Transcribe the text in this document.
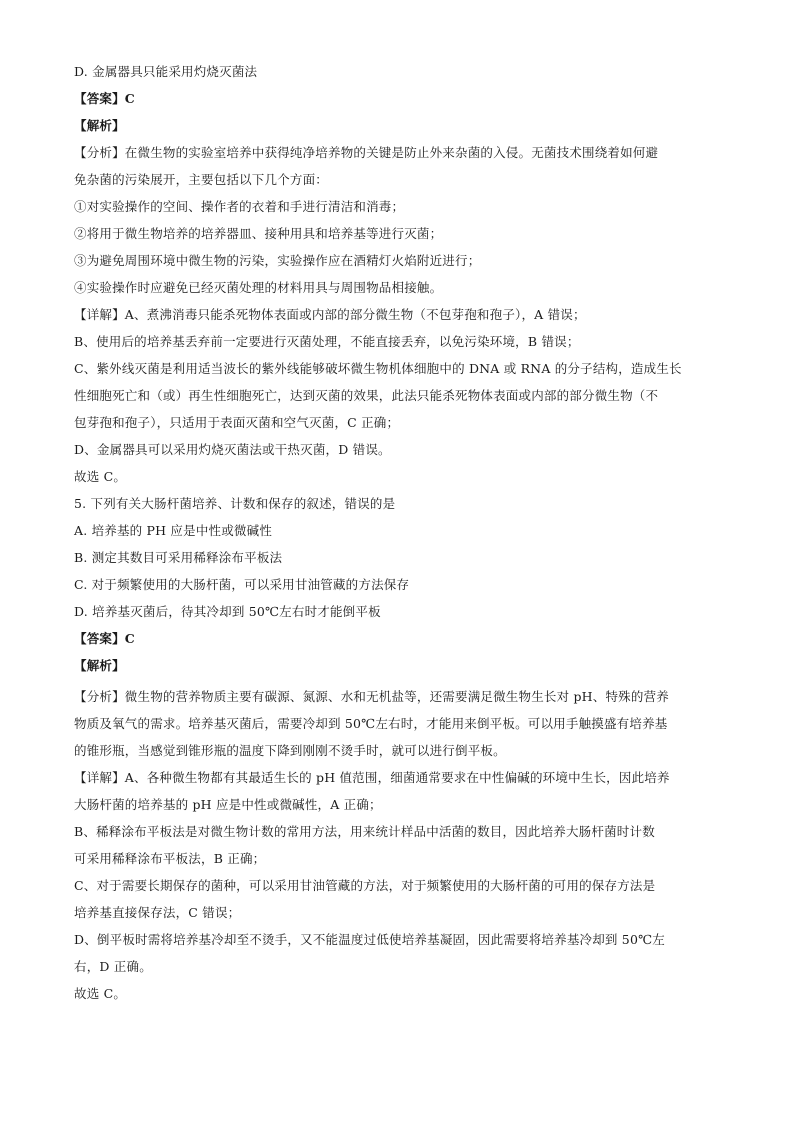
D. 金属器具只能采用灼烧灭菌法
【答案】C
【解析】
【分析】在微生物的实验室培养中获得纯净培养物的关键是防止外来杂菌的入侵。无菌技术围绕着如何避
免杂菌的污染展开，主要包括以下几个方面：
①对实验操作的空间、操作者的衣着和手进行清洁和消毒；
②将用于微生物培养的培养器皿、接种用具和培养基等进行灭菌；
③为避免周围环境中微生物的污染，实验操作应在酒精灯火焰附近进行；
④实验操作时应避免已经灭菌处理的材料用具与周围物品相接触。
【详解】A、煮沸消毒只能杀死物体表面或内部的部分微生物（不包芽孢和孢子），A 错误；
B、使用后的培养基丢弃前一定要进行灭菌处理，不能直接丢弃，以免污染环境，B 错误；
C、紫外线灭菌是利用适当波长的紫外线能够破坏微生物机体细胞中的 DNA 或 RNA 的分子结构，造成生长
性细胞死亡和（或）再生性细胞死亡，达到灭菌的效果，此法只能杀死物体表面或内部的部分微生物（不
包芽孢和孢子），只适用于表面灭菌和空气灭菌，C 正确；
D、金属器具可以采用灼烧灭菌法或干热灭菌，D 错误。
故选 C。
5. 下列有关大肠杆菌培养、计数和保存的叙述，错误的是
A. 培养基的 PH 应是中性或微碱性
B. 测定其数目可采用稀释涂布平板法
C. 对于频繁使用的大肠杆菌，可以采用甘油管藏的方法保存
D. 培养基灭菌后，待其冷却到 50℃左右时才能倒平板
【答案】C
【解析】
【分析】微生物的营养物质主要有碳源、氮源、水和无机盐等，还需要满足微生物生长对 pH、特殊的营养
物质及氧气的需求。培养基灭菌后，需要冷却到 50℃左右时，才能用来倒平板。可以用手触摸盛有培养基
的锥形瓶，当感觉到锥形瓶的温度下降到刚刚不烫手时，就可以进行倒平板。
【详解】A、各种微生物都有其最适生长的 pH 值范围，细菌通常要求在中性偏碱的环境中生长，因此培养
大肠杆菌的培养基的 pH 应是中性或微碱性，A 正确；
B、稀释涂布平板法是对微生物计数的常用方法，用来统计样品中活菌的数目，因此培养大肠杆菌时计数
可采用稀释涂布平板法，B 正确；
C、对于需要长期保存的菌种，可以采用甘油管藏的方法，对于频繁使用的大肠杆菌的可用的保存方法是
培养基直接保存法，C 错误；
D、倒平板时需将培养基冷却至不烫手，又不能温度过低使培养基凝固，因此需要将培养基冷却到 50℃左
右，D 正确。
故选 C。
